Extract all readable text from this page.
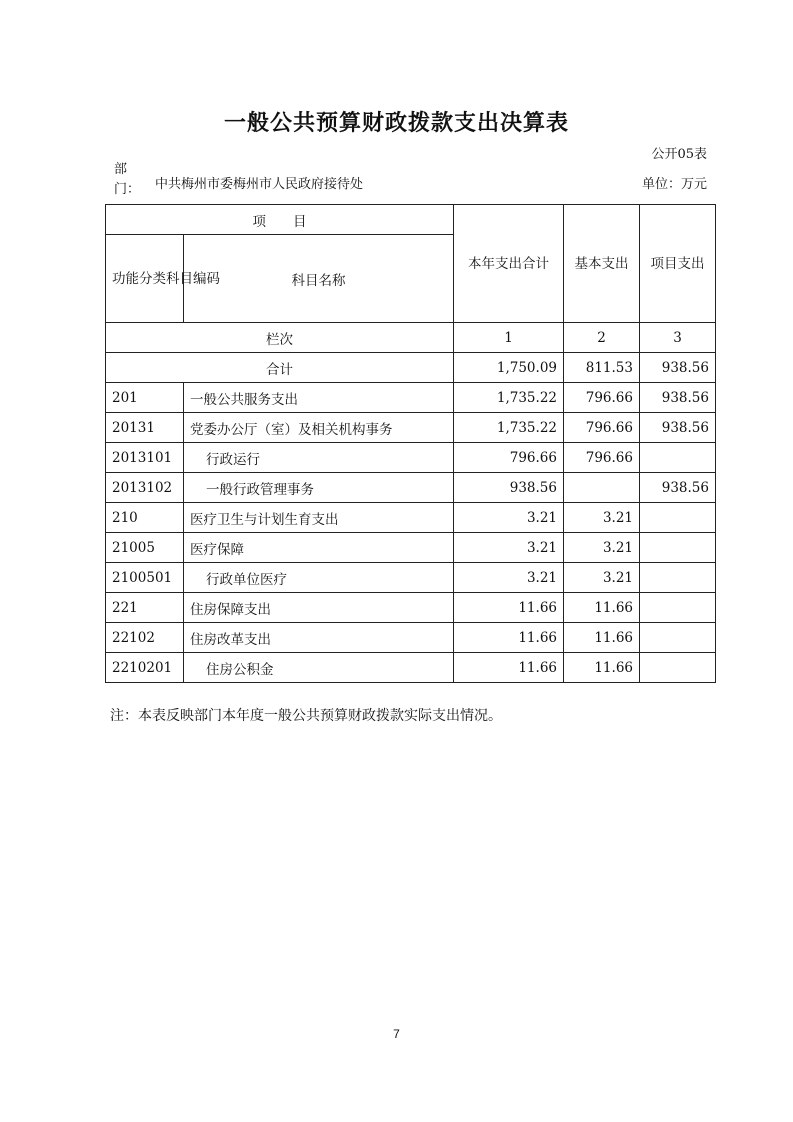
一般公共预算财政拨款支出决算表
公开05表
部门： 中共梅州市委梅州市人民政府接待处	单位：万元
项　　目		本年支出合计	基本支出	项目支出
功能分类科目编码	科目名称			
栏次		1	2	3
合计		1,750.09	811.53	938.56
201	一般公共服务支出	1,735.22	796.66	938.56
20131	党委办公厅（室）及相关机构事务	1,735.22	796.66	938.56
2013101	行政运行	796.66	796.66	
2013102	一般行政管理事务	938.56		938.56
210	医疗卫生与计划生育支出	3.21	3.21	
21005	医疗保障	3.21	3.21	
2100501	行政单位医疗	3.21	3.21	
221	住房保障支出	11.66	11.66	
22102	住房改革支出	11.66	11.66	
2210201	住房公积金	11.66	11.66	
注：本表反映部门本年度一般公共预算财政拨款实际支出情况。
7
